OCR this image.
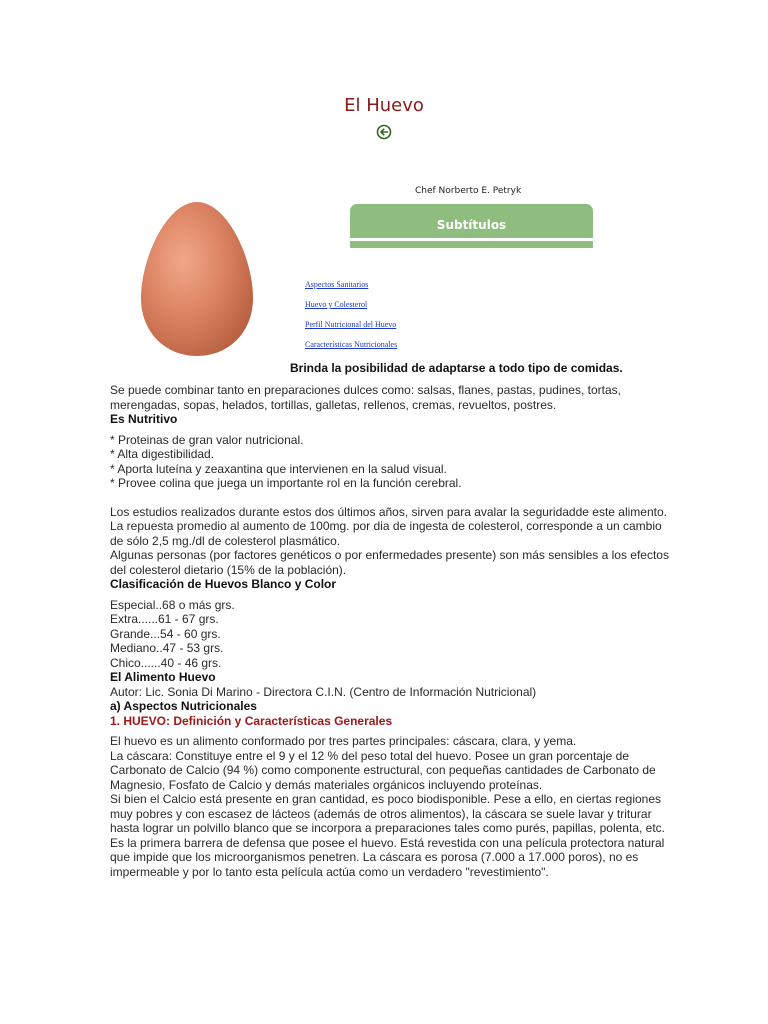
El Huevo
Chef Norberto E. Petryk
Subtítulos
Aspectos Sanitarios
Huevo y Colesterol
Perfil Nutricional del Huevo
Características Nutricionales
Brinda la posibilidad de adaptarse a todo tipo de comidas.

Se puede combinar tanto en preparaciones dulces como: salsas, flanes, pastas, pudines, tortas, merengadas, sopas, helados, tortillas, galletas, rellenos, cremas, revueltos, postres.

Es Nutritivo

* Proteinas de gran valor nutricional.

* Alta digestibilidad.

* Aporta luteína y zeaxantina que intervienen en la salud visual.

* Provee colina que juega un importante rol en la función cerebral.

Los estudios realizados durante estos dos últimos años, sirven para avalar la seguridadde este alimento.

La repuesta promedio al aumento de 100mg. por dia de ingesta de colesterol, corresponde a un cambio de sólo 2,5 mg./dl de colesterol plasmático.

Algunas personas (por factores genéticos o por enfermedades presente) son más sensibles a los efectos del colesterol dietario (15% de la población).

Clasificación de Huevos Blanco y Color

Especial..68 o más grs.

Extra......61 - 67 grs.

Grande...54 - 60 grs.

Mediano..47 - 53 grs.

Chico......40 - 46 grs.

El Alimento Huevo

Autor: Lic. Sonia Di Marino - Directora C.I.N. (Centro de Información Nutricional)

a) Aspectos Nutricionales

1. HUEVO: Definición y Características Generales

El huevo es un alimento conformado por tres partes principales: cáscara, clara, y yema.

La cáscara: Constituye entre el 9 y el 12 % del peso total del huevo. Posee un gran porcentaje de Carbonato de Calcio (94 %) como componente estructural, con pequeñas cantidades de Carbonato de Magnesio, Fosfato de Calcio y demás materiales orgánicos incluyendo proteínas.

Si bien el Calcio está presente en gran cantidad, es poco biodisponible. Pese a ello, en ciertas regiones muy pobres y con escasez de lácteos (además de otros alimentos), la cáscara se suele lavar y triturar hasta lograr un polvillo blanco que se incorpora a preparaciones tales como purés, papillas, polenta, etc.

Es la primera barrera de defensa que posee el huevo. Está revestida con una película protectora natural que impide que los microorganismos penetren. La cáscara es porosa (7.000 a 17.000 poros), no es impermeable y por lo tanto esta película actúa como un verdadero "revestimiento".
